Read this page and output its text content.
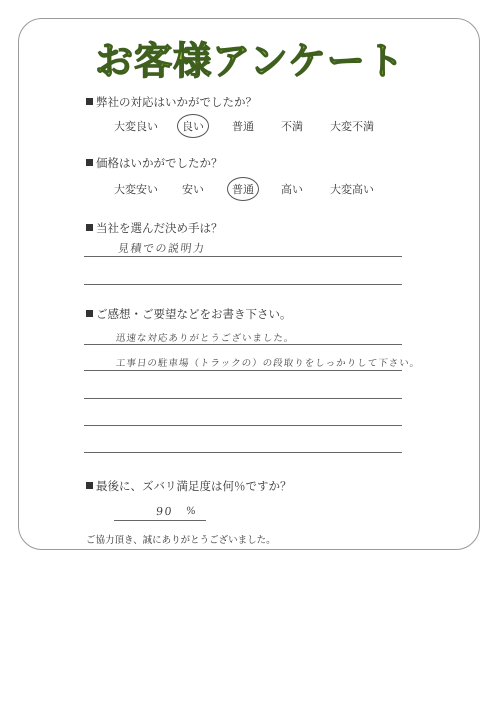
お客様アンケート
弊社の対応はいかがでしたか？
大変良い 良い	普通 不満 大変不満
価格はいかがでしたか？
大変安い 安い	普通 高い 大変高い
当社を選んだ決め手は？
見積での説明力
ご感想・ご要望などをお書き下さい。
迅速な対応ありがとうございました。
工事日の駐車場（トラックの）の段取りをしっかりして下さい。
最後に、ズバリ満足度は何％ですか？
90 %
ご協力頂き、誠にありがとうございました。
